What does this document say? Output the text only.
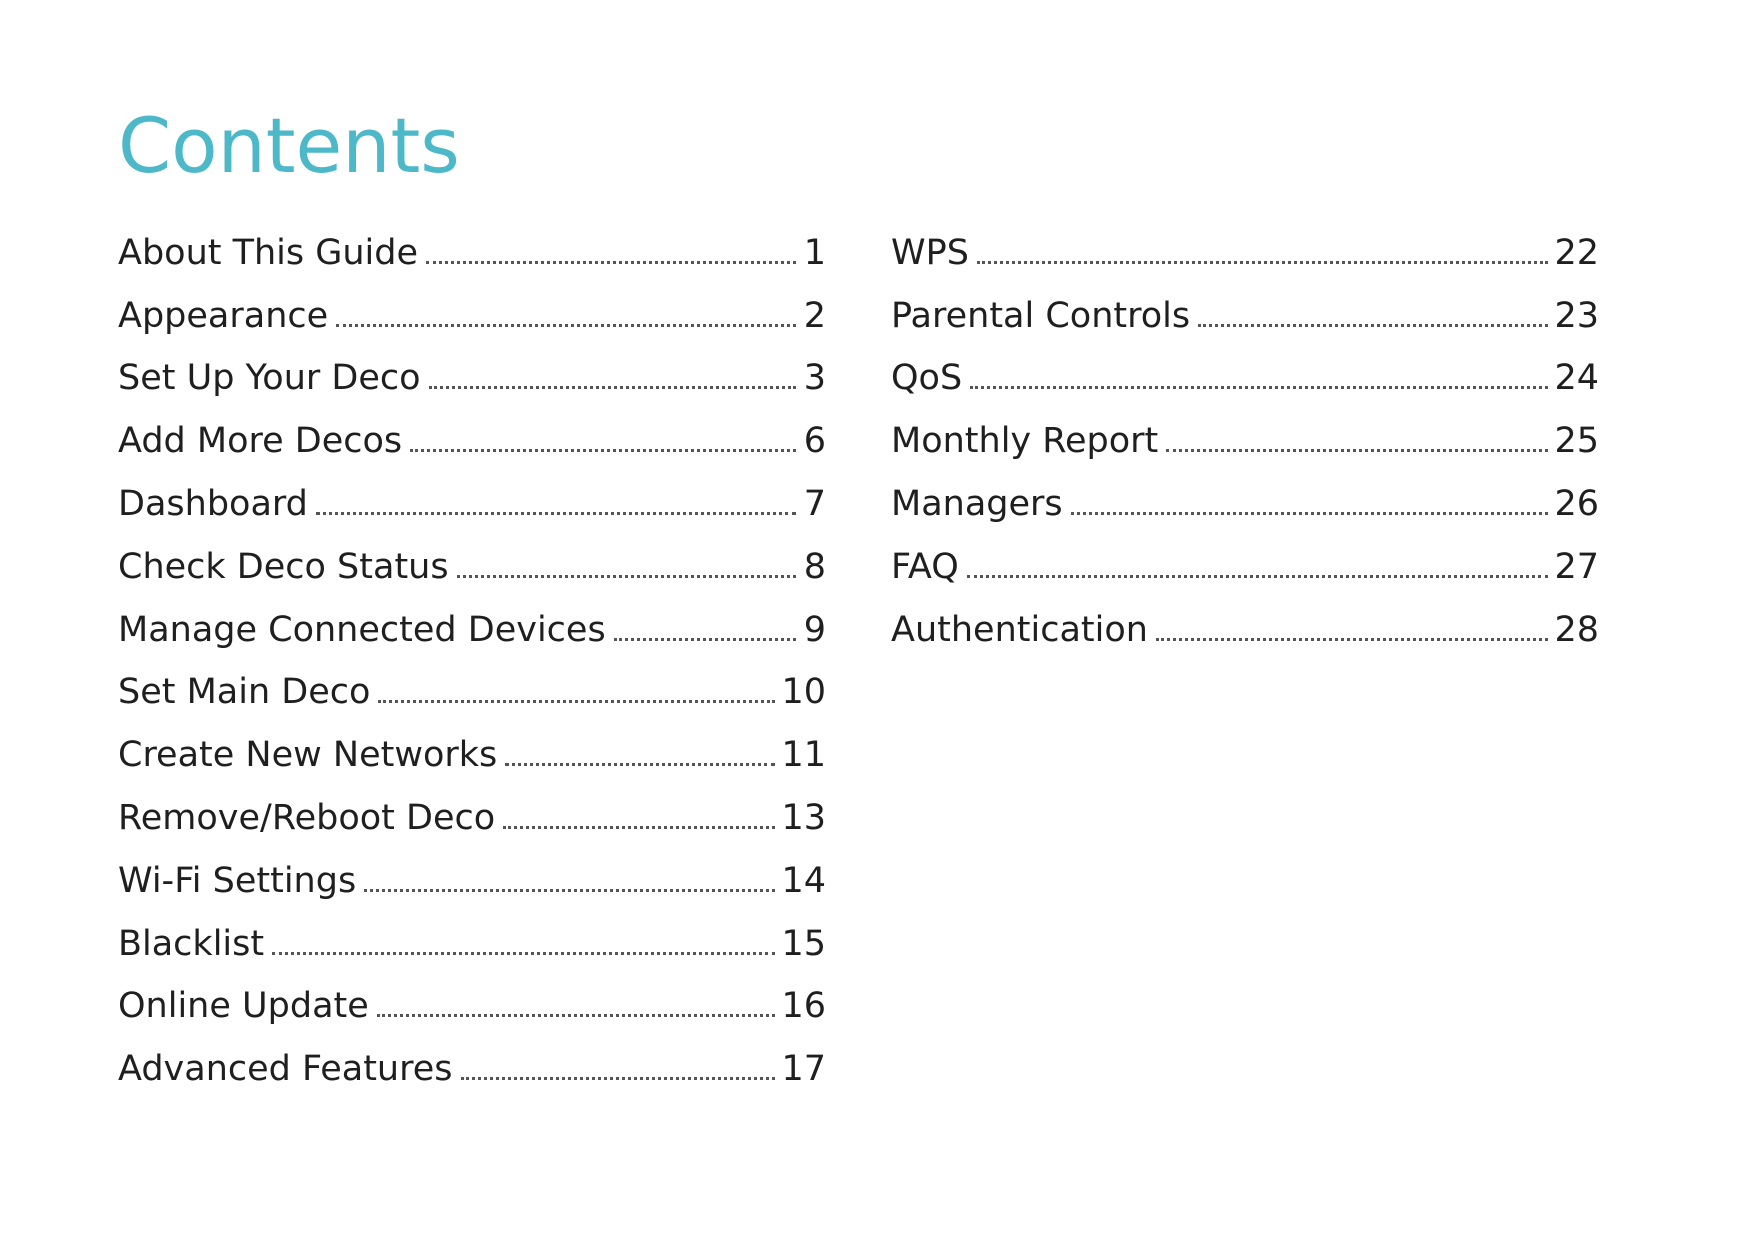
Contents
About This Guide	1
Appearance	2
Set Up Your Deco	3
Add More Decos	6
Dashboard	7
Check Deco Status	8
Manage Connected Devices	9
Set Main Deco	10
Create New Networks	11
Remove/Reboot Deco	13
Wi-Fi Settings	14
Blacklist	15
Online Update	16
Advanced Features	17
WPS	22
Parental Controls	23
QoS	24
Monthly Report	25
Managers	26
FAQ	27
Authentication	28
